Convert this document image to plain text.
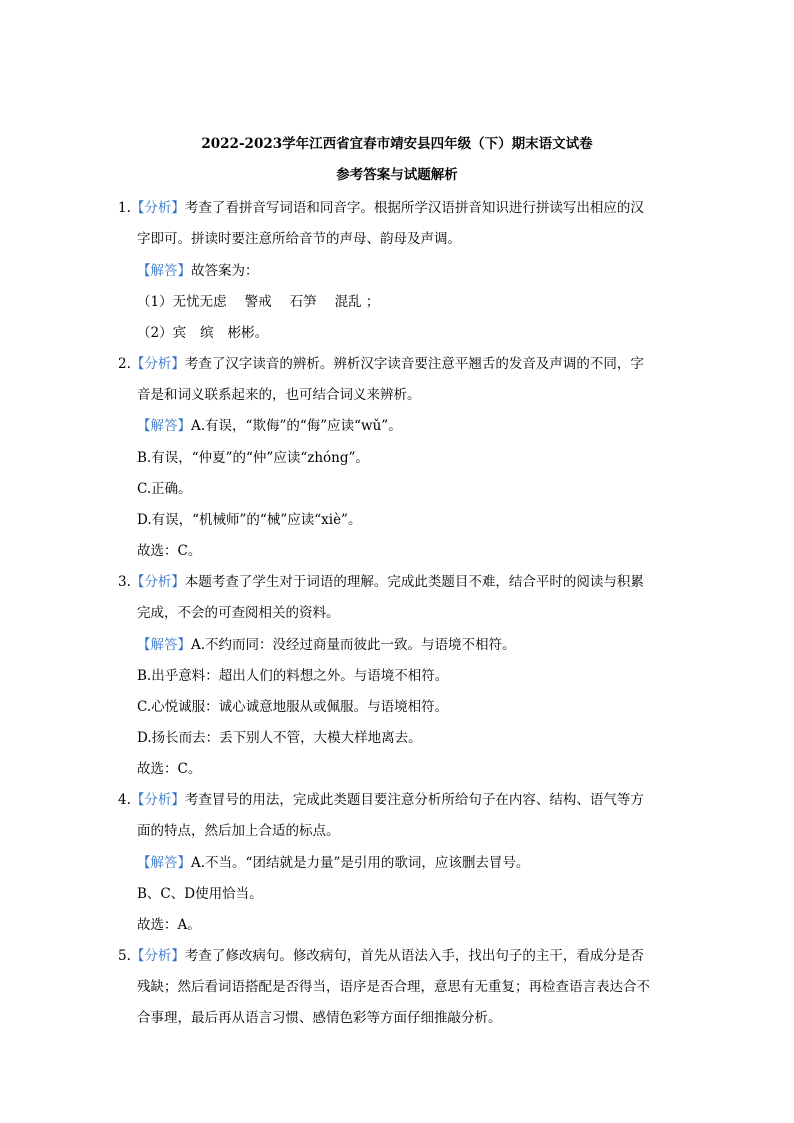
2022-2023学年江西省宜春市靖安县四年级（下）期末语文试卷
参考答案与试题解析
1.【分析】考查了看拼音写词语和同音字。根据所学汉语拼音知识进行拼读写出相应的汉
字即可。拼读时要注意所给音节的声母、韵母及声调。
【解答】故答案为：
（1）无忧无虑 警戒 石笋 混乱 ；
（2）宾 缤 彬彬。
2.【分析】考查了汉字读音的辨析。辨析汉字读音要注意平翘舌的发音及声调的不同，字
音是和词义联系起来的，也可结合词义来辨析。
【解答】A.有误，“欺侮”的“侮”应读“wǔ”。
B.有误，“仲夏”的“仲”应读“zhóng”。
C.正确。
D.有误，“机械师”的“械”应读“xiè”。
故选：C。
3.【分析】本题考查了学生对于词语的理解。完成此类题目不难，结合平时的阅读与积累
完成，不会的可查阅相关的资料。
【解答】A.不约而同：没经过商量而彼此一致。与语境不相符。
B.出乎意料：超出人们的料想之外。与语境不相符。
C.心悦诚服：诚心诚意地服从或佩服。与语境相符。
D.扬长而去：丢下别人不管，大模大样地离去。
故选：C。
4.【分析】考查冒号的用法，完成此类题目要注意分析所给句子在内容、结构、语气等方
面的特点，然后加上合适的标点。
【解答】A.不当。“团结就是力量”是引用的歌词，应该删去冒号。
B、C、D使用恰当。
故选：A。
5.【分析】考查了修改病句。修改病句，首先从语法入手，找出句子的主干，看成分是否
残缺；然后看词语搭配是否得当，语序是否合理，意思有无重复；再检查语言表达合不
合事理，最后再从语言习惯、感情色彩等方面仔细推敲分析。
